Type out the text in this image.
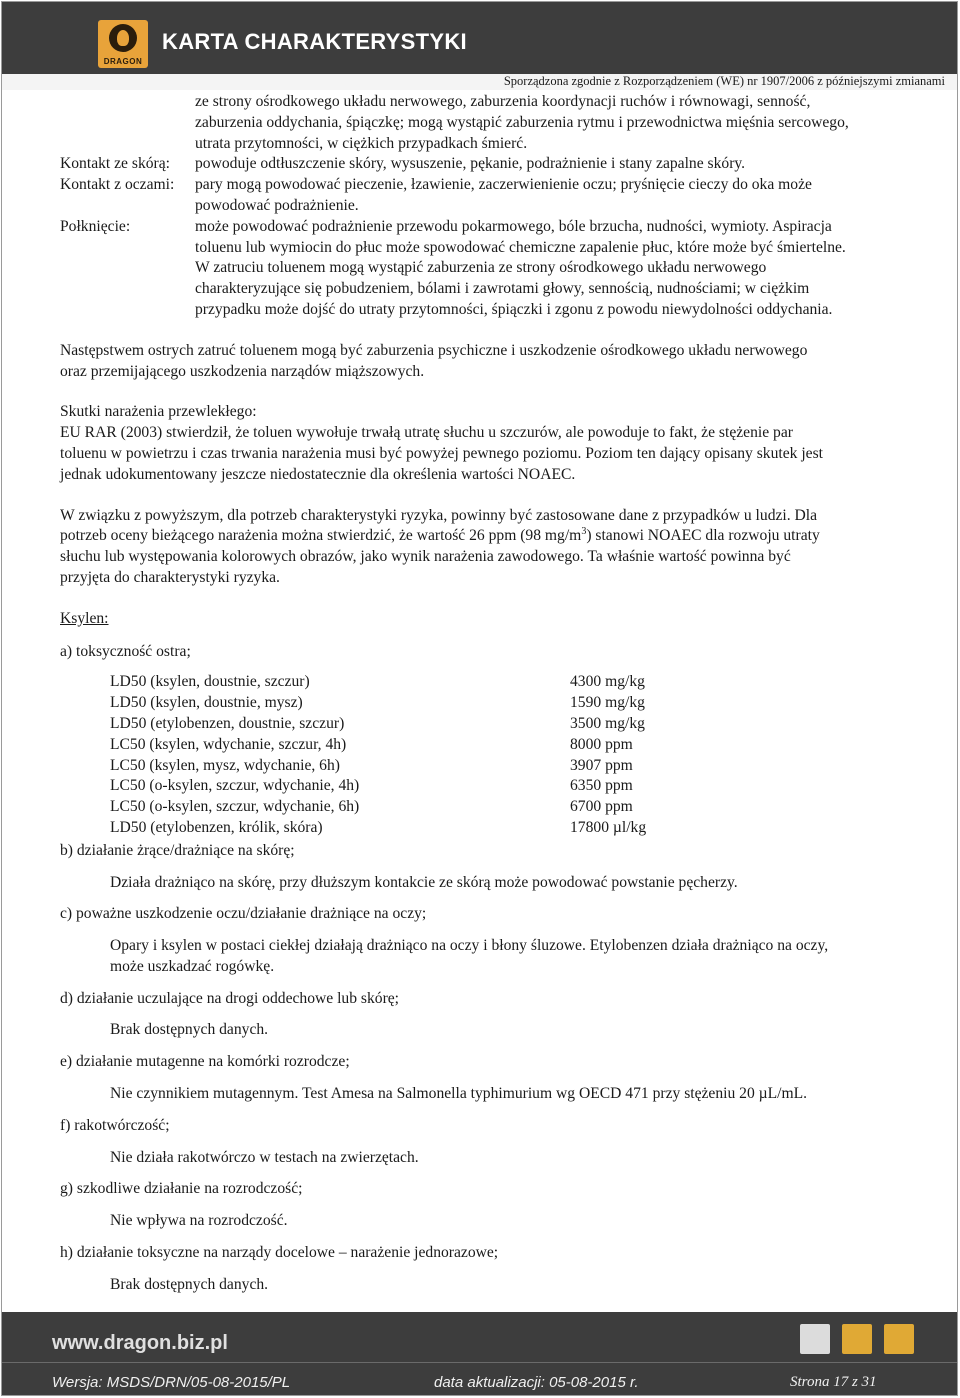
DRAGON
KARTA CHARAKTERYSTYKI
Sporządzona zgodnie z Rozporządzeniem (WE) nr 1907/2006 z późniejszymi zmianami

ze strony ośrodkowego układu nerwowego, zaburzenia koordynacji ruchów i równowagi, senność,

zaburzenia oddychania, śpiączkę; mogą wystąpić zaburzenia rytmu i przewodnictwa mięśnia sercowego,

utrata przytomności, w ciężkich przypadkach śmierć.

Kontakt ze skórą:	powoduje odtłuszczenie skóry, wysuszenie, pękanie, podrażnienie i stany zapalne skóry.

Kontakt z oczami:	pary mogą powodować pieczenie, łzawienie, zaczerwienienie oczu; pryśnięcie cieczy do oka może

powodować podrażnienie.

Połknięcie:	może powodować podrażnienie przewodu pokarmowego, bóle brzucha, nudności, wymioty. Aspiracja

toluenu lub wymiocin do płuc może spowodować chemiczne zapalenie płuc, które może być śmiertelne.

W zatruciu toluenem mogą wystąpić zaburzenia ze strony ośrodkowego układu nerwowego

charakteryzujące się pobudzeniem, bólami i zawrotami głowy, sennością, nudnościami; w ciężkim

przypadku może dojść do utraty przytomności, śpiączki i zgonu z powodu niewydolności oddychania.

Następstwem ostrych zatruć toluenem mogą być zaburzenia psychiczne i uszkodzenie ośrodkowego układu nerwowego

oraz przemijającego uszkodzenia narządów miąższowych.

Skutki narażenia przewlekłego:

EU RAR (2003) stwierdził, że toluen wywołuje trwałą utratę słuchu u szczurów, ale powoduje to fakt, że stężenie par

toluenu w powietrzu i czas trwania narażenia musi być powyżej pewnego poziomu. Poziom ten dający opisany skutek jest

jednak udokumentowany jeszcze niedostatecznie dla określenia wartości NOAEC.

W związku z powyższym, dla potrzeb charakterystyki ryzyka, powinny być zastosowane dane z przypadków u ludzi. Dla

potrzeb oceny bieżącego narażenia można stwierdzić, że wartość 26 ppm (98 $mg/m^3$) stanowi NOAEC dla rozwoju utraty

słuchu lub występowania kolorowych obrazów, jako wynik narażenia zawodowego. Ta właśnie wartość powinna być

przyjęta do charakterystyki ryzyka.

Ksylen:

a) toksyczność ostra;

LD50 (ksylen, doustnie, szczur)	4300 mg/kg
LD50 (ksylen, doustnie, mysz)	1590 mg/kg
LD50 (etylobenzen, doustnie, szczur)	3500 mg/kg
LC50 (ksylen, wdychanie, szczur, 4h)	8000 ppm
LC50 (ksylen, mysz, wdychanie, 6h)	3907 ppm
LC50 (o-ksylen, szczur, wdychanie, 4h)	6350 ppm
LC50 (o-ksylen, szczur, wdychanie, 6h)	6700 ppm
LD50 (etylobenzen, królik, skóra)	17800 µl/kg

b) działanie żrące/drażniące na skórę;

Działa drażniąco na skórę, przy dłuższym kontakcie ze skórą może powodować powstanie pęcherzy.

c) poważne uszkodzenie oczu/działanie drażniące na oczy;

Opary i ksylen w postaci ciekłej działają drażniąco na oczy i błony śluzowe. Etylobenzen działa drażniąco na oczy,

może uszkadzać rogówkę.

d) działanie uczulające na drogi oddechowe lub skórę;

Brak dostępnych danych.

e) działanie mutagenne na komórki rozrodcze;

Nie czynnikiem mutagennym. Test Amesa na Salmonella typhimurium wg OECD 471 przy stężeniu 20 µL/mL.

f) rakotwórczość;

Nie działa rakotwórczo w testach na zwierzętach.

g) szkodliwe działanie na rozrodczość;

Nie wpływa na rozrodczość.

h) działanie toksyczne na narządy docelowe – narażenie jednorazowe;

Brak dostępnych danych.

www.dragon.biz.pl
Wersja: MSDS/DRN/05-08-2015/PL	data aktualizacji: 05-08-2015 r.	Strona 17 z 31
